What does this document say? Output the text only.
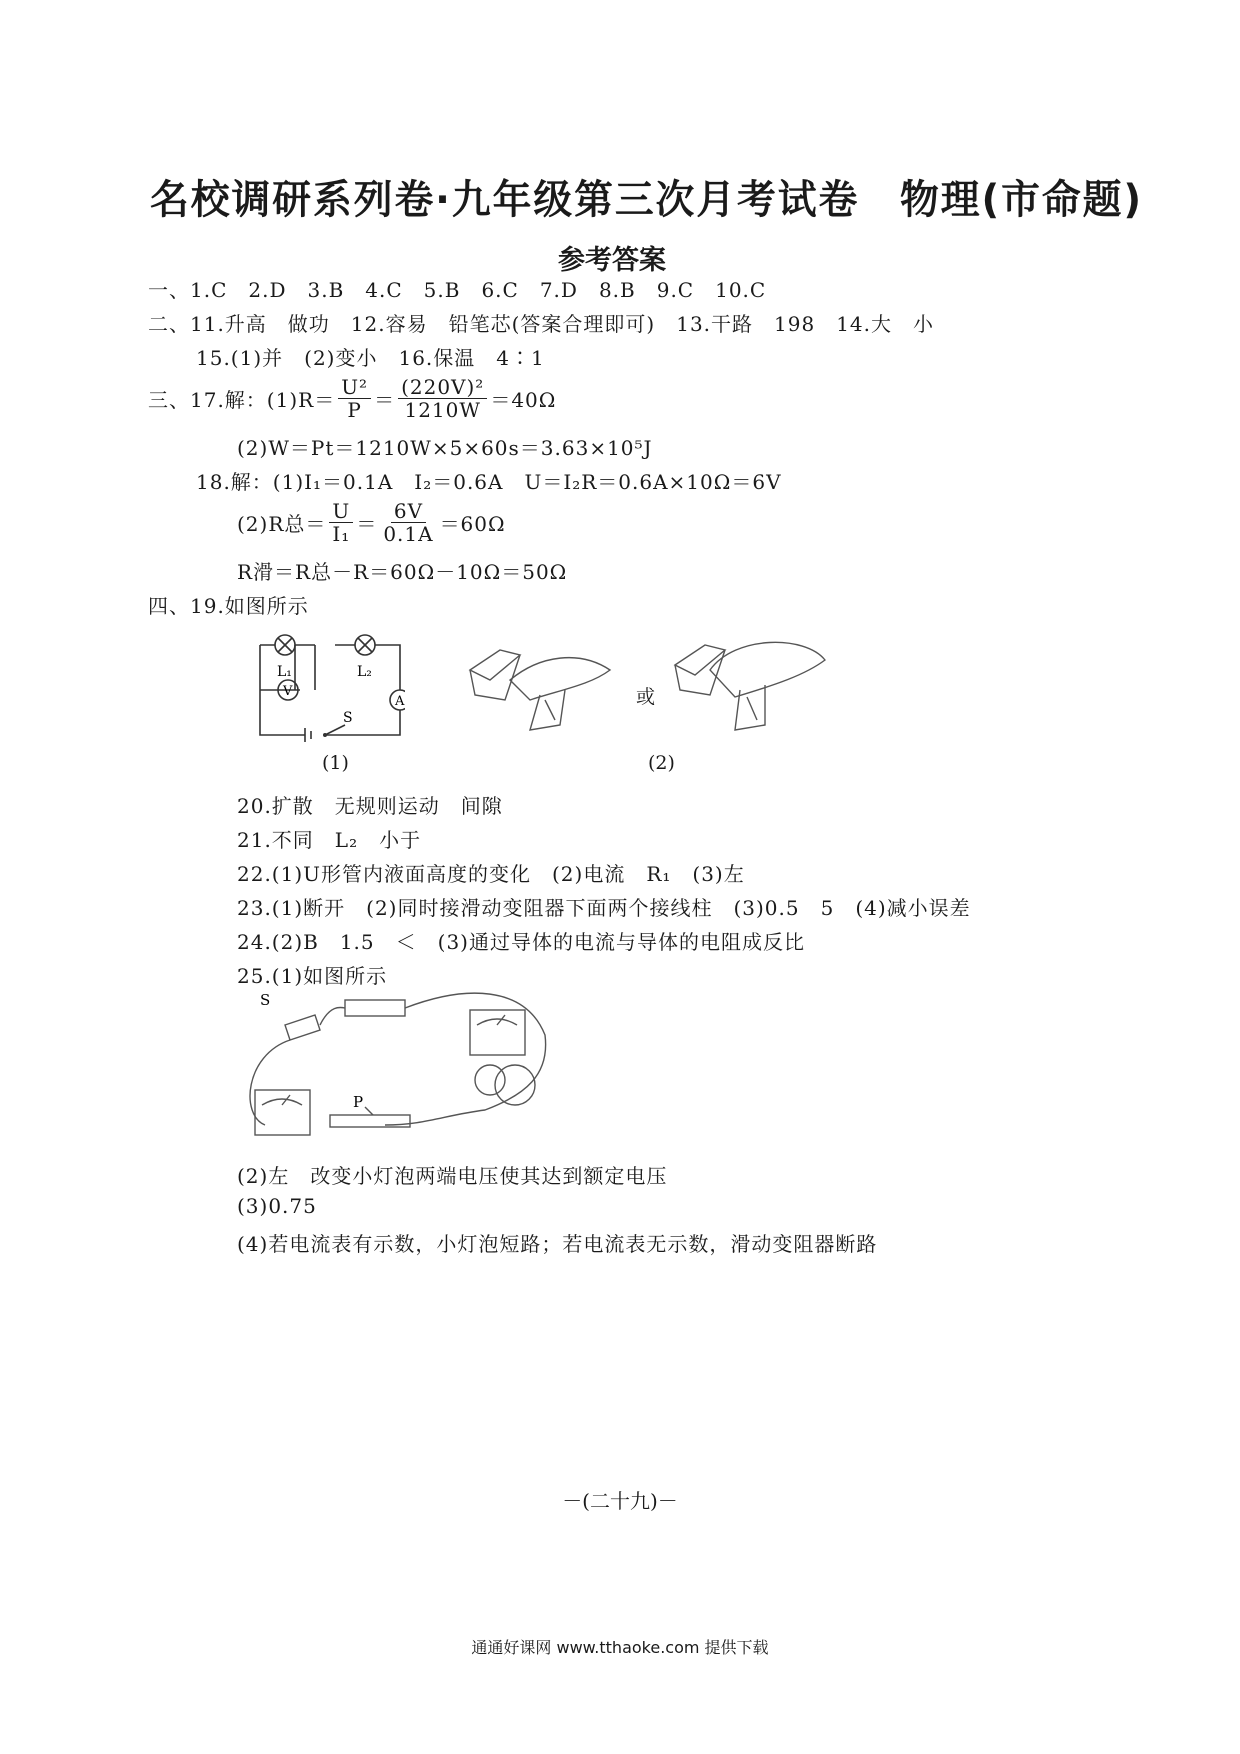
名校调研系列卷·九年级第三次月考试卷　物理(市命题)
参考答案
一、1.C　2.D　3.B　4.C　5.B　6.C　7.D　8.B　9.C　10.C
二、11.升高　做功　12.容易　铅笔芯(答案合理即可)　13.干路　198　14.大　小
15.(1)并　(2)变小　16.保温　4∶1
三、17.解：$(1)R= \frac{\text{U²}}{P} = \frac{\text{(220V)²}}{1210W} =40\Omega$
(2)W＝Pt＝1210W×5×60s＝3.63×10⁵J
18.解：(1)I₁＝0.1A　I₂＝0.6A　U＝I₂R＝0.6A×10Ω＝6V
(2)R总＝ $\frac{U}{\text{I₁}} = \frac{6V}{0.1A} =60\Omega$
R滑＝R总－R＝60Ω－10Ω＝50Ω
四、19.如图所示
V
A
L₁	L₂
S
或
(1)	(2)
20.扩散　无规则运动　间隙
21.不同　L₂　小于
22.(1)U形管内液面高度的变化　(2)电流　R₁　(3)左
23.(1)断开　(2)同时接滑动变阻器下面两个接线柱　(3)0.5　5　(4)减小误差
24.(2)B　1.5　＜　(3)通过导体的电流与导体的电阻成反比
25.(1)如图所示
S
P
(2)左　改变小灯泡两端电压使其达到额定电压
(3)0.75
(4)若电流表有示数，小灯泡短路；若电流表无示数，滑动变阻器断路
－(二十九)－
通通好课网 www.tthaoke.com 提供下载
